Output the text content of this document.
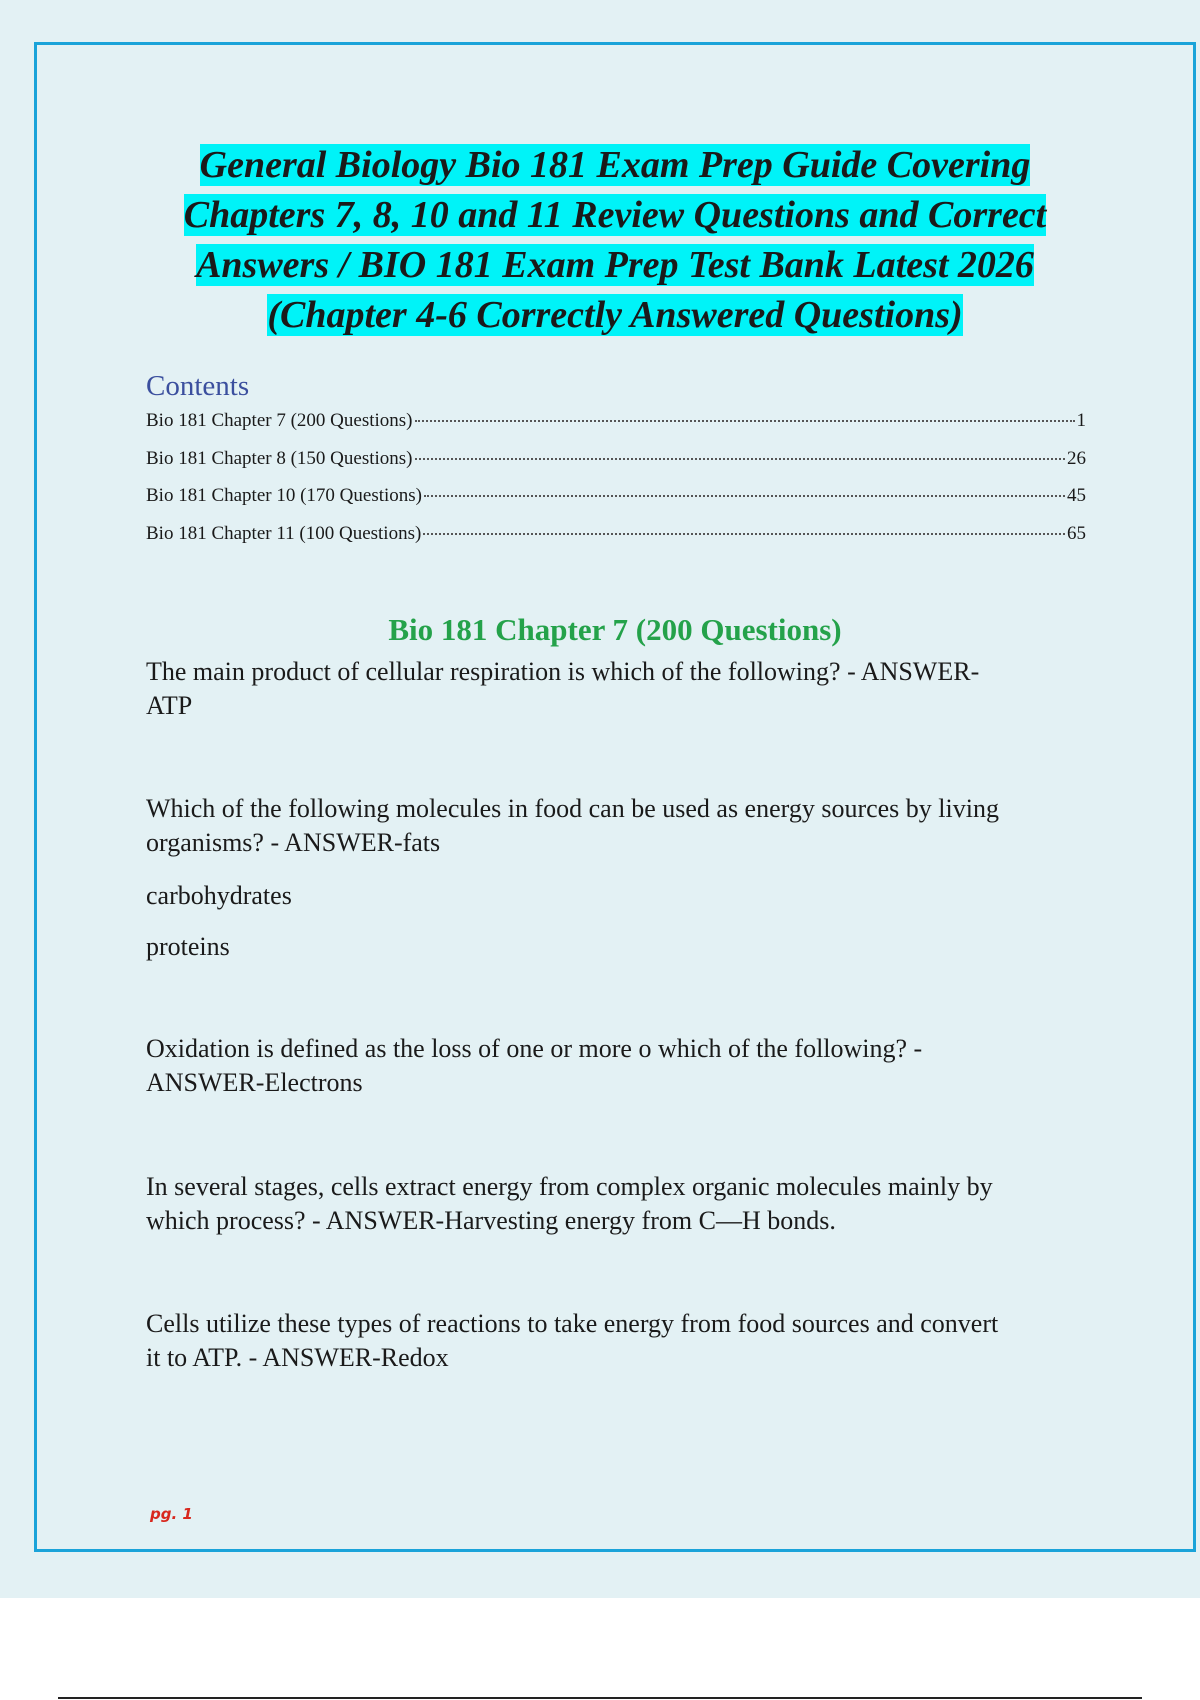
General Biology Bio 181 Exam Prep Guide Covering
Chapters 7, 8, 10 and 11 Review Questions and Correct
Answers / BIO 181 Exam Prep Test Bank Latest 2026
(Chapter 4-6 Correctly Answered Questions)
Contents
Bio 181 Chapter 7 (200 Questions)	1
Bio 181 Chapter 8 (150 Questions)	26
Bio 181 Chapter 10 (170 Questions)	45
Bio 181 Chapter 11 (100 Questions)	65
Bio 181 Chapter 7 (200 Questions)
The main product of cellular respiration is which of the following? - ANSWER-
ATP
Which of the following molecules in food can be used as energy sources by living
organisms? - ANSWER-fats
carbohydrates
proteins
Oxidation is defined as the loss of one or more o which of the following? -
ANSWER-Electrons
In several stages, cells extract energy from complex organic molecules mainly by
which process? - ANSWER-Harvesting energy from C—H bonds.
Cells utilize these types of reactions to take energy from food sources and convert
it to ATP. - ANSWER-Redox
pg. 1
